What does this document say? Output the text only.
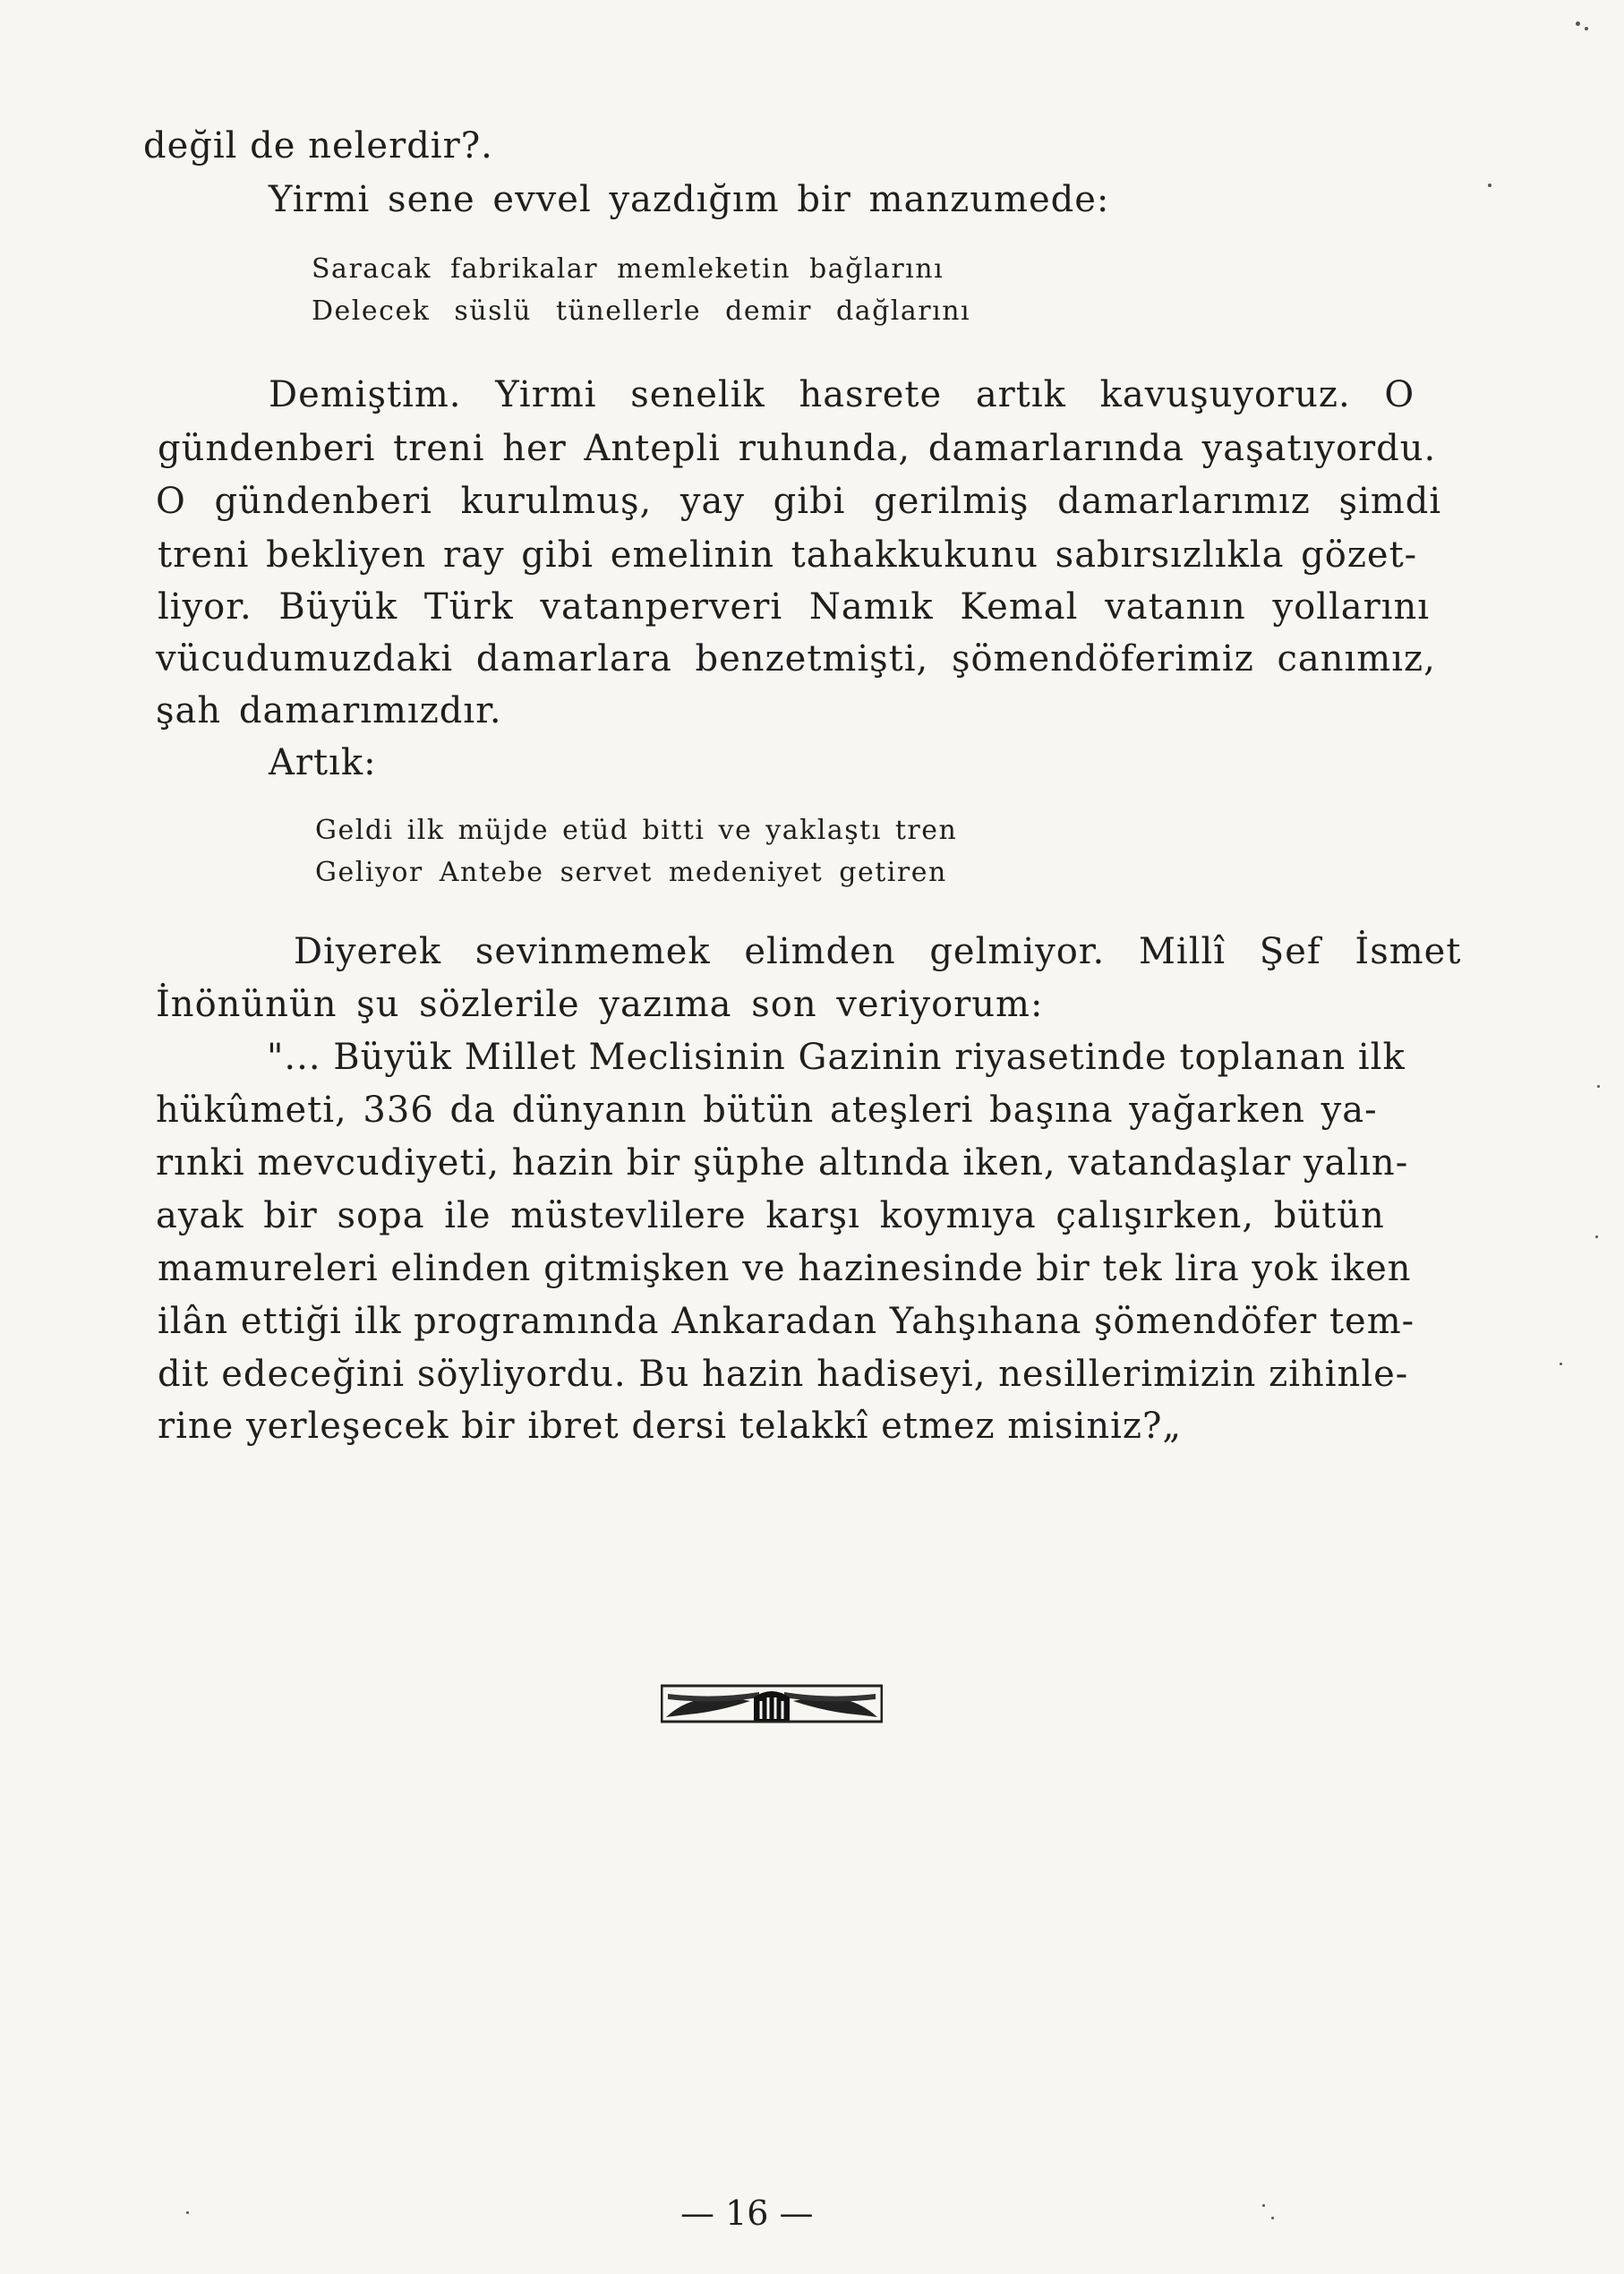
değil de nelerdir?.
Yirmi sene evvel yazdığım bir manzumede:
Saracak fabrikalar memleketin bağlarını
Delecek süslü tünellerle demir dağlarını
Demiştim. Yirmi senelik hasrete artık kavuşuyoruz. O
gündenberi treni her Antepli ruhunda, damarlarında yaşatıyordu.
O gündenberi kurulmuş, yay gibi gerilmiş damarlarımız şimdi
treni bekliyen ray gibi emelinin tahakkukunu sabırsızlıkla gözet-
liyor. Büyük Türk vatanperveri Namık Kemal vatanın yollarını
vücudumuzdaki damarlara benzetmişti, şömendöferimiz canımız,
şah damarımızdır.
Artık:
Geldi ilk müjde etüd bitti ve yaklaştı tren
Geliyor Antebe servet medeniyet getiren
Diyerek sevinmemek elimden gelmiyor. Millî Şef İsmet
İnönünün şu sözlerile yazıma son veriyorum:
"... Büyük Millet Meclisinin Gazinin riyasetinde toplanan ilk
hükûmeti, 336 da dünyanın bütün ateşleri başına yağarken ya-
rınki mevcudiyeti, hazin bir şüphe altında iken, vatandaşlar yalın-
ayak bir sopa ile müstevlilere karşı koymıya çalışırken, bütün
mamureleri elinden gitmişken ve hazinesinde bir tek lira yok iken
ilân ettiği ilk programında Ankaradan Yahşıhana şömendöfer tem-
dit edeceğini söyliyordu. Bu hazin hadiseyi, nesillerimizin zihinle-
rine yerleşecek bir ibret dersi telakkî etmez misiniz?„
— 16 —
